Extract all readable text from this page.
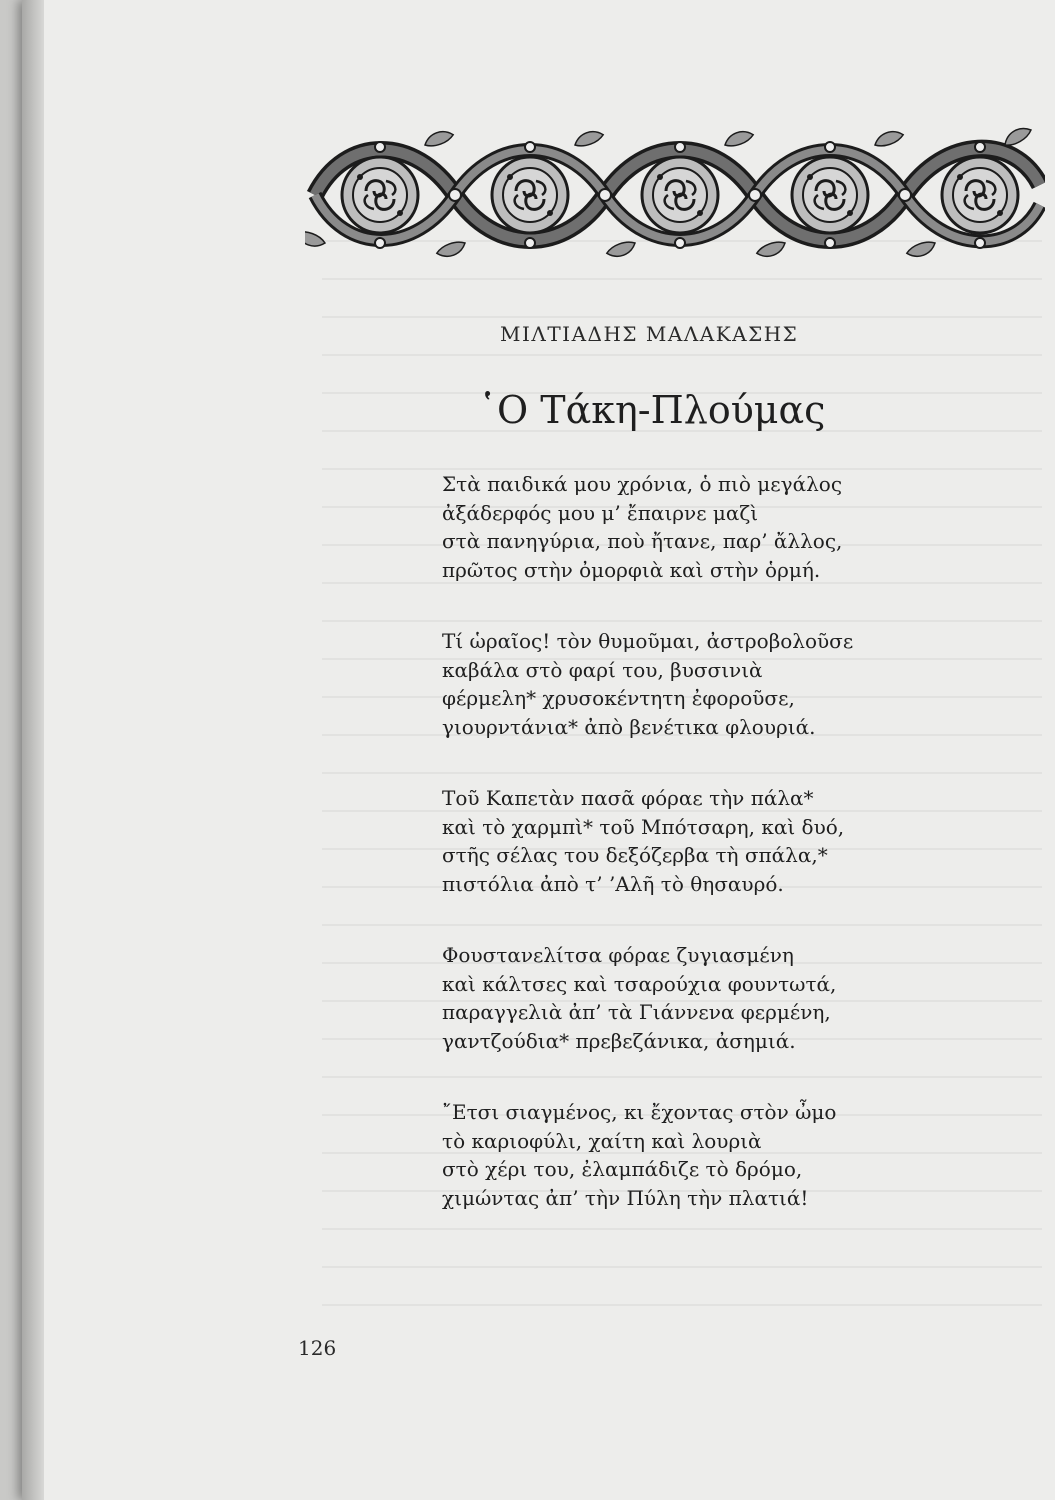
ΜΙΛΤΙΑΔΗΣ ΜΑΛΑΚΑΣΗΣ
῾Ο Τάκη-Πλούμας
Στὰ παιδικά μου χρόνια, ὁ πιὸ μεγάλος
ἀξάδερφός μου μ’ ἔπαιρνε μαζὶ
στὰ πανηγύρια, ποὺ ἤτανε, παρ’ ἄλλος,
πρῶτος στὴν ὀμορφιὰ καὶ στὴν ὁρμή.
Τί ὡραῖος! τὸν θυμοῦμαι, ἀστροβολοῦσε
καβάλα στὸ φαρί του, βυσσινιὰ
φέρμελη* χρυσοκέντητη ἐφοροῦσε,
γιουρντάνια* ἀπὸ βενέτικα φλουριά.
Τοῦ Καπετὰν πασᾶ φόραε τὴν πάλα*
καὶ τὸ χαρμπὶ* τοῦ Μπότσαρη, καὶ δυό,
στῆς σέλας του δεξόζερβα τὴ σπάλα,*
πιστόλια ἀπὸ τ’ ’Αλῆ τὸ θησαυρό.
Φουστανελίτσα φόραε ζυγιασμένη
καὶ κάλτσες καὶ τσαρούχια φουντωτά,
παραγγελιὰ ἀπ’ τὰ Γιάννενα φερμένη,
γαντζούδια* πρεβεζάνικα, ἀσημιά.
῎Ετσι σιαγμένος, κι ἔχοντας στὸν ὦμο
τὸ καριοφύλι, χαίτη καὶ λουριὰ
στὸ χέρι του, ἐλαμπάδιζε τὸ δρόμο,
χιμώντας ἀπ’ τὴν Πύλη τὴν πλατιά!
126
